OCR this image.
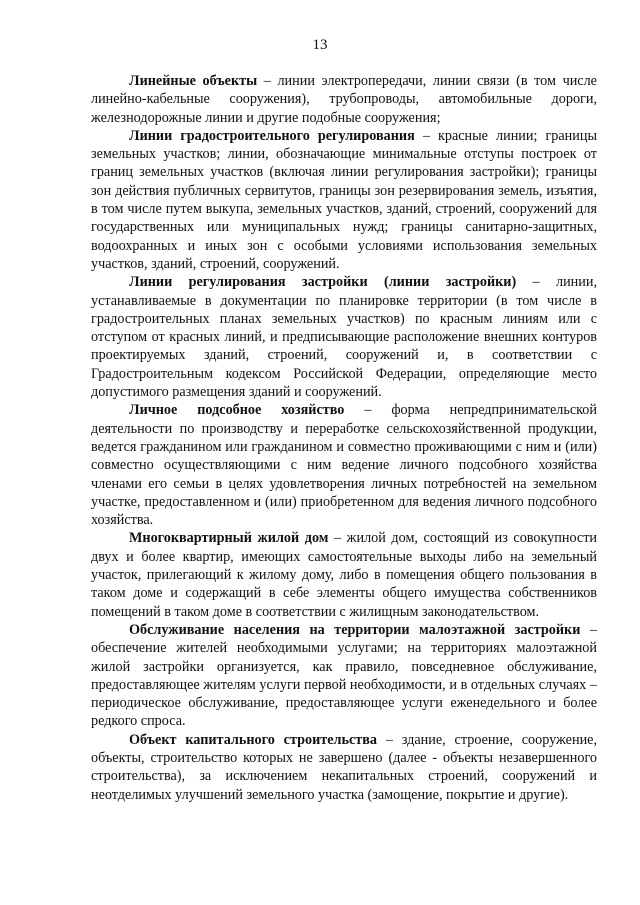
13

Линейные объекты – линии электропередачи, линии связи (в том числе линейно-кабельные сооружения), трубопроводы, автомобильные дороги, железнодорожные линии и другие подобные сооружения;

Линии градостроительного регулирования – красные линии; границы земельных участков; линии, обозначающие минимальные отступы построек от границ земельных участков (включая линии регулирования застройки); границы зон действия публичных сервитутов, границы зон резервирования земель, изъятия, в том числе путем выкупа, земельных участков, зданий, строений, сооружений для государственных или муниципальных нужд; границы санитарно-защитных, водоохранных и иных зон с особыми условиями использования земельных участков, зданий, строений, сооружений.

Линии регулирования застройки (линии застройки) – линии, устанавливаемые в документации по планировке территории (в том числе в градостроительных планах земельных участков) по красным линиям или с отступом от красных линий, и предписывающие расположение внешних контуров проектируемых зданий, строений, сооружений и, в соответствии с Градостроительным кодексом Российской Федерации, определяющие место допустимого размещения зданий и сооружений.

Личное подсобное хозяйство – форма непредпринимательской деятельности по производству и переработке сельскохозяйственной продукции, ведется гражданином или гражданином и совместно проживающими с ним и (или) совместно осуществляющими с ним ведение личного подсобного хозяйства членами его семьи в целях удовлетворения личных потребностей на земельном участке, предоставленном и (или) приобретенном для ведения личного подсобного хозяйства.

Многоквартирный жилой дом – жилой дом, состоящий из совокупности двух и более квартир, имеющих самостоятельные выходы либо на земельный участок, прилегающий к жилому дому, либо в помещения общего пользования в таком доме и содержащий в себе элементы общего имущества собственников помещений в таком доме в соответствии с жилищным законодательством.

Обслуживание населения на территории малоэтажной застройки – обеспечение жителей необходимыми услугами; на территориях малоэтажной жилой застройки организуется, как правило, повседневное обслуживание, предоставляющее жителям услуги первой необходимости, и в отдельных случаях – периодическое обслуживание, предоставляющее услуги еженедельного и более редкого спроса.

Объект капитального строительства – здание, строение, сооружение, объекты, строительство которых не завершено (далее - объекты незавершенного строительства), за исключением некапитальных строений, сооружений и неотделимых улучшений земельного участка (замощение, покрытие и другие).
